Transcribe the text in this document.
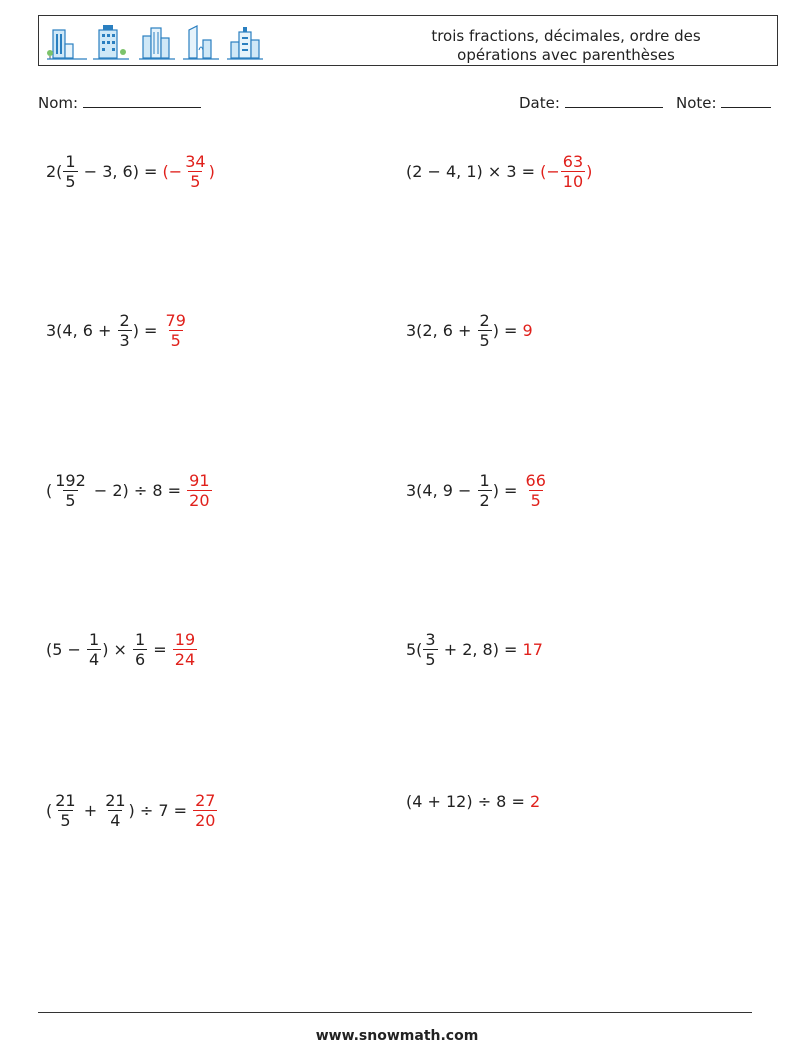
trois fractions, décimales, ordre des
opérations avec parenthèses
Nom:	Date:	Note:
$2( \frac{1}{5} - 3$, 6) = (− $\frac{34}{5}$ )	(2 − 4, 1) × 3 = (− $\frac{63}{10}$ )
3(4, $6 + \frac{2}{3}$ ) = $\frac{79}{5}$	3(2, $6 + \frac{2}{5}$ ) = 9
( $\frac{192}{5} - 2) \div 8 = \frac{91}{20}$	3(4, $9 - \frac{1}{2}$ ) = $\frac{66}{5}$
($5 - \frac{1}{4}$ ) × $\frac{1}{6} = \frac{19}{24}$	$5( \frac{3}{5} + 2$, 8) = 17
( $\frac{21}{5} + \frac{21}{4}$ ) ÷ $7 = \frac{27}{20}$	(4 + 12) ÷ 8 = 2
www.snowmath.com
